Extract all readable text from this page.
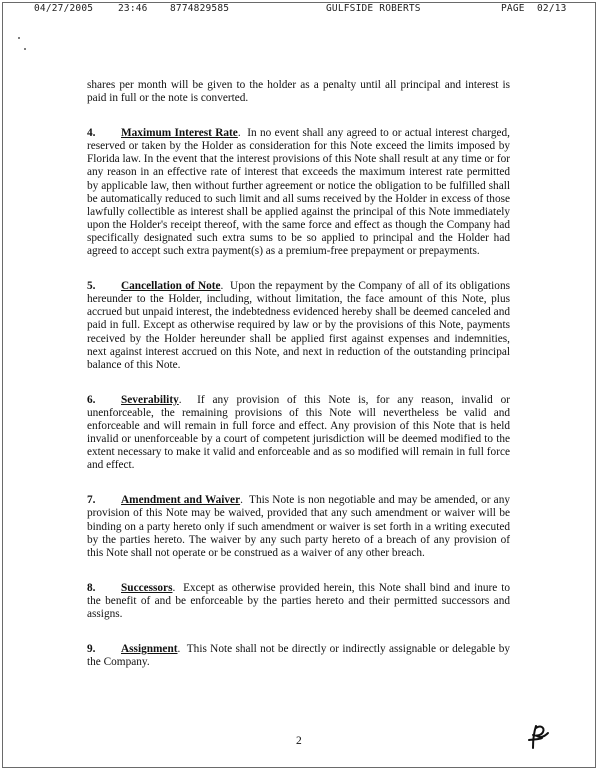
04/27/2005	23:46 8774829585	GULFSIDE ROBERTS	PAGE 02/13

shares per month will be given to the holder as a penalty until all principal and interest is paid in full or the note is converted.

4. Maximum Interest Rate.  In no event shall any agreed to or actual interest charged, reserved or taken by the Holder as consideration for this Note exceed the limits imposed by Florida law. In the event that the interest provisions of this Note shall result at any time or for any reason in an effective rate of interest that exceeds the maximum interest rate permitted by applicable law, then without further agreement or notice the obligation to be fulfilled shall be automatically reduced to such limit and all sums received by the Holder in excess of those lawfully collectible as interest shall be applied against the principal of this Note immediately upon the Holder's receipt thereof, with the same force and effect as though the Company had specifically designated such extra sums to be so applied to principal and the Holder had agreed to accept such extra payment(s) as a premium-free prepayment or prepayments.

5. Cancellation of Note.  Upon the repayment by the Company of all of its obligations hereunder to the Holder, including, without limitation, the face amount of this Note, plus accrued but unpaid interest, the indebtedness evidenced hereby shall be deemed canceled and paid in full. Except as otherwise required by law or by the provisions of this Note, payments received by the Holder hereunder shall be applied first against expenses and indemnities, next against interest accrued on this Note, and next in reduction of the outstanding principal balance of this Note.

6. Severability.  If any provision of this Note is, for any reason, invalid or unenforceable, the remaining provisions of this Note will nevertheless be valid and enforceable and will remain in full force and effect. Any provision of this Note that is held invalid or unenforceable by a court of competent jurisdiction will be deemed modified to the extent necessary to make it valid and enforceable and as so modified will remain in full force and effect.

7. Amendment and Waiver.  This Note is non negotiable and may be amended, or any provision of this Note may be waived, provided that any such amendment or waiver will be binding on a party hereto only if such amendment or waiver is set forth in a writing executed by the parties hereto. The waiver by any such party hereto of a breach of any provision of this Note shall not operate or be construed as a waiver of any other breach.

8. Successors.  Except as otherwise provided herein, this Note shall bind and inure to the benefit of and be enforceable by the parties hereto and their permitted successors and assigns.

9. Assignment.  This Note shall not be directly or indirectly assignable or delegable by the Company.

2
